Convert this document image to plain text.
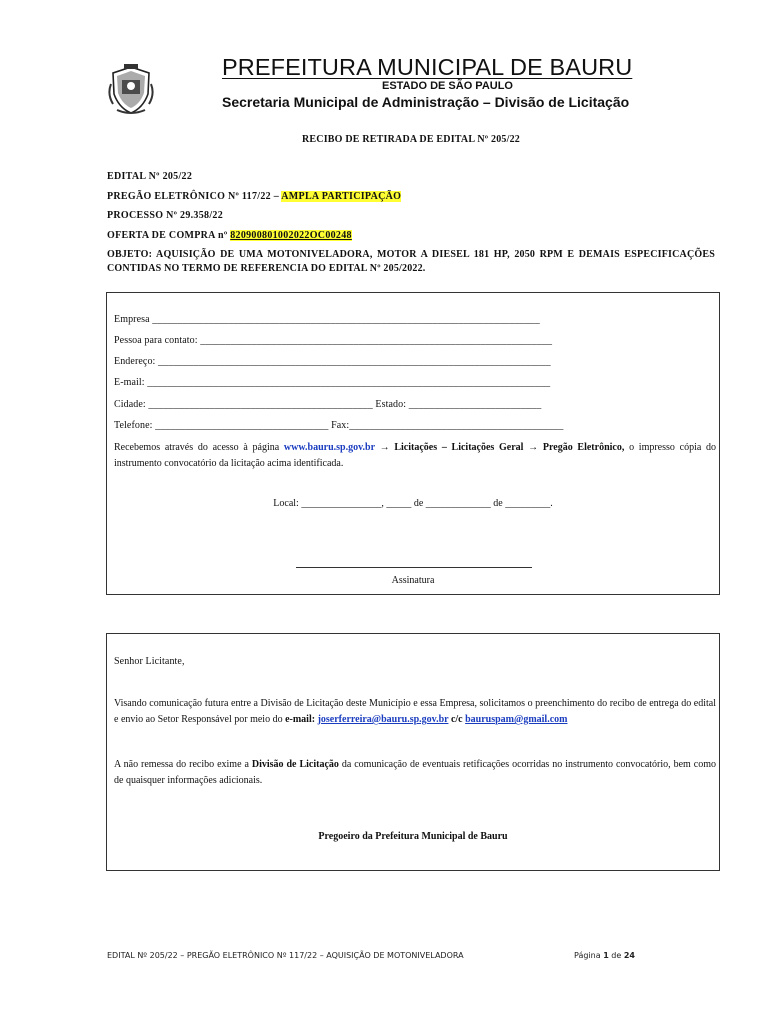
PREFEITURA MUNICIPAL DE BAURU
ESTADO DE SÃO PAULO
Secretaria Municipal de Administração – Divisão de Licitação
RECIBO DE RETIRADA DE EDITAL Nº 205/22
EDITAL Nº 205/22
PREGÃO ELETRÔNICO Nº 117/22 – AMPLA PARTICIPAÇÃO
PROCESSO Nº 29.358/22
OFERTA DE COMPRA nº 820900801002022OC00248
OBJETO: AQUISIÇÃO DE UMA MOTONIVELADORA, MOTOR A DIESEL 181 HP, 2050 RPM E DEMAIS ESPECIFICAÇÕES CONTIDAS NO TERMO DE REFERENCIA DO EDITAL Nº 205/2022.
Empresa ____________________________________________________________________________
Pessoa para contato: _____________________________________________________________________
Endereço: _____________________________________________________________________________
E-mail: _______________________________________________________________________________
Cidade: ____________________________________________ Estado: __________________________
Telefone: __________________________________ Fax:__________________________________________
Recebemos através do acesso à página www.bauru.sp.gov.br → Licitações – Licitações Geral → Pregão Eletrônico, o impresso cópia do instrumento convocatório da licitação acima identificada.
Local: ________________, _____ de _____________ de _________.
Assinatura
Senhor Licitante,
Visando comunicação futura entre a Divisão de Licitação deste Município e essa Empresa, solicitamos o preenchimento do recibo de entrega do edital e envio ao Setor Responsável por meio do e-mail: joserferreira@bauru.sp.gov.br c/c bauruspam@gmail.com
A não remessa do recibo exime a Divisão de Licitação da comunicação de eventuais retificações ocorridas no instrumento convocatório, bem como de quaisquer informações adicionais.
Pregoeiro da Prefeitura Municipal de Bauru
EDITAL Nº 205/22 – PREGÃO ELETRÔNICO Nº 117/22 – AQUISIÇÃO DE MOTONIVELADORA	Página 1 de 24
